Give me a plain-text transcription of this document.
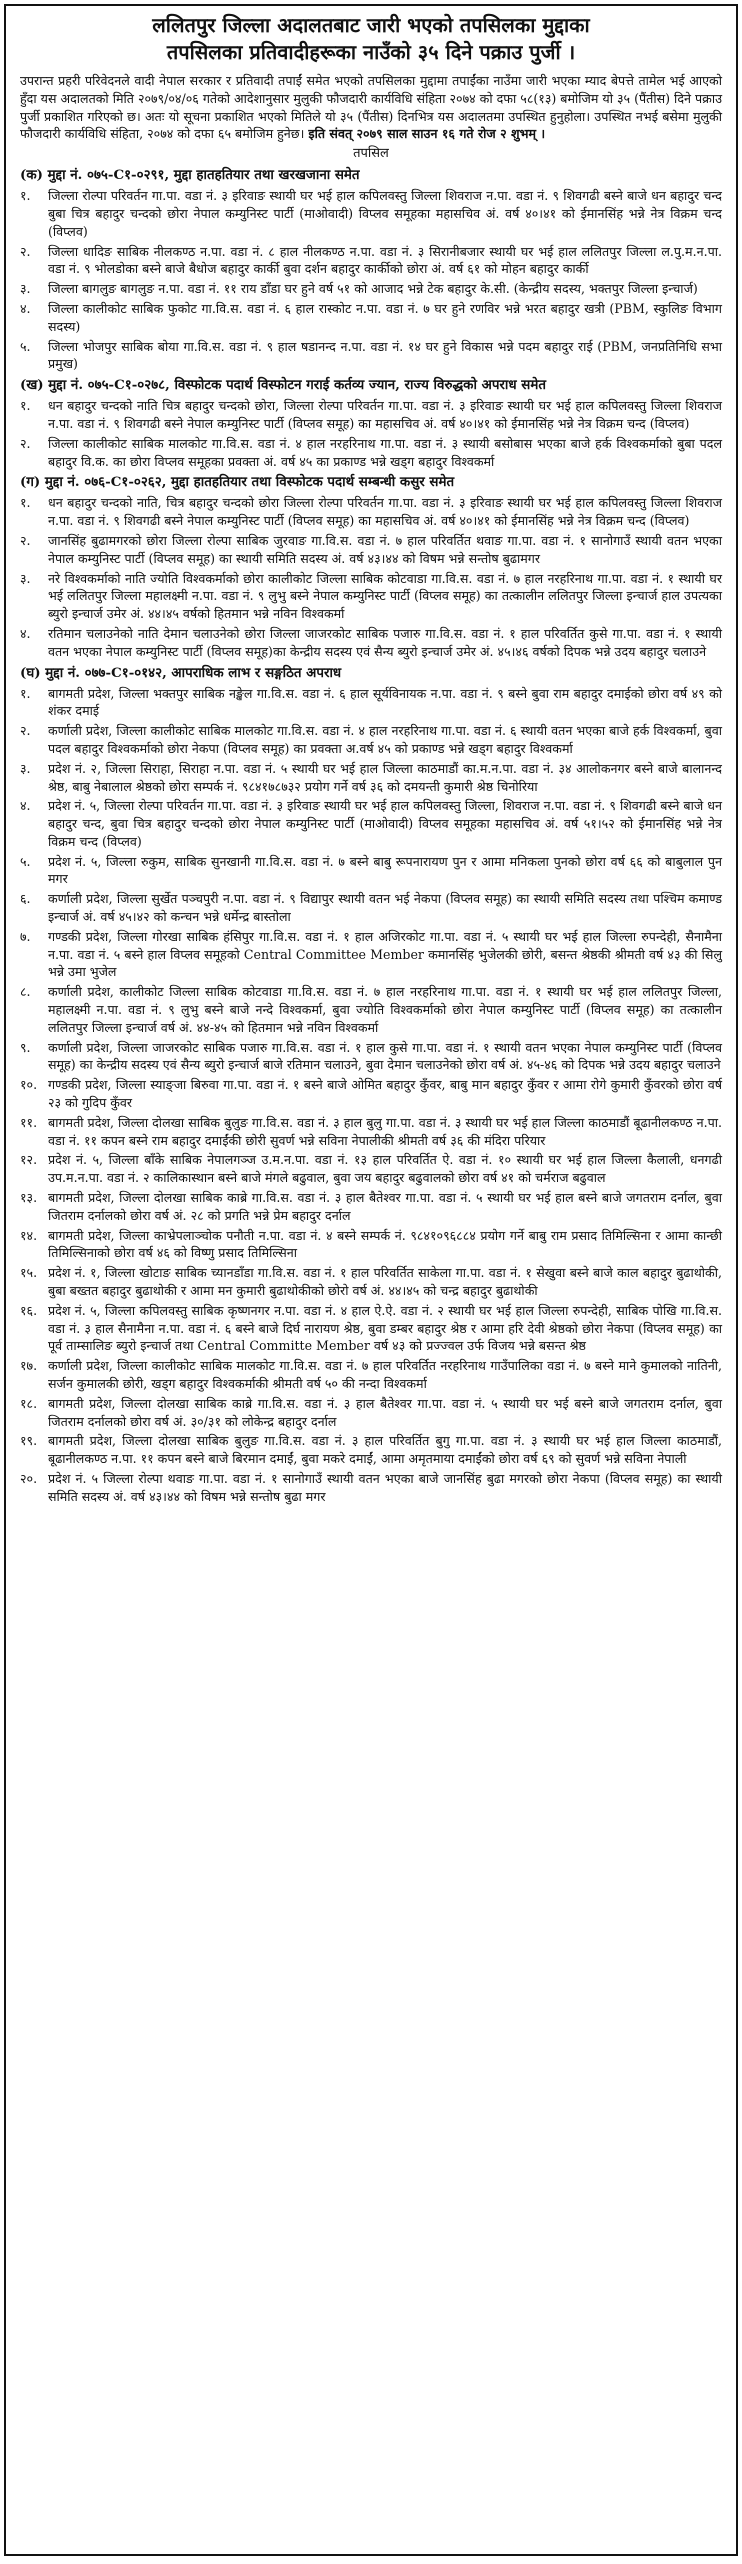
ललितपुर जिल्ला अदालतबाट जारी भएको तपसिलका मुद्दाका
तपसिलका प्रतिवादीहरूका नाउँको ३५ दिने पक्राउ पुर्जी ।

उपरान्त प्रहरी परिवेदनले वादी नेपाल सरकार र प्रतिवादी तपाईं समेत भएको तपसिलका मुद्दामा तपाईंका नाउँमा जारी भएका म्याद बेपत्ते तामेल भई आएको हुँदा यस अदालतको मिति २०७९/०४/०६ गतेको आदेशानुसार मुलुकी फौजदारी कार्यविधि संहिता २०७४ को दफा ५८(१३) बमोजिम यो ३५ (पैंतीस) दिने पक्राउ पुर्जी प्रकाशित गरिएको छ। अतः यो सूचना प्रकाशित भएको मितिले यो ३५ (पैंतीस) दिनभित्र यस अदालतमा उपस्थित हुनुहोला। उपस्थित नभई बसेमा मुलुकी फौजदारी कार्यविधि संहिता, २०७४ को दफा ६५ बमोजिम हुनेछ। इति संवत् २०७९ साल साउन १६ गते रोज २ शुभम् ।

तपसिल
(क) मुद्दा नं. ०७५-C१-०२९१, मुद्दा हातहतियार तथा खरखजाना समेत
१.	जिल्ला रोल्पा परिवर्तन गा.पा. वडा नं. ३ इरिवाङ स्थायी घर भई हाल कपिलवस्तु जिल्ला शिवराज न.पा. वडा नं. ९ शिवगढी बस्ने बाजे धन बहादुर चन्द बुबा चित्र बहादुर चन्दको छोरा नेपाल कम्युनिस्ट पार्टी (माओवादी) विप्लव समूहका महासचिव अं. वर्ष ४०।४१ को ईमानसिंह भन्ने नेत्र विक्रम चन्द (विप्लव)
२.	जिल्ला धादिङ साबिक नीलकण्ठ न.पा. वडा नं. ८ हाल नीलकण्ठ न.पा. वडा नं. ३ सिरानीबजार स्थायी घर भई हाल ललितपुर जिल्ला ल.पु.म.न.पा. वडा नं. ९ भोलडोका बस्ने बाजे बैधोज बहादुर कार्की बुवा दर्शन बहादुर कार्कीको छोरा अं. वर्ष ६१ को मोहन बहादुर कार्की
३.	जिल्ला बागलुङ बागलुङ न.पा. वडा नं. ११ राय डाँडा घर हुने वर्ष ५१ को आजाद भन्ने टेक बहादुर के.सी. (केन्द्रीय सदस्य, भक्तपुर जिल्ला इन्चार्ज)
४.	जिल्ला कालीकोट साबिक फुकोट गा.वि.स. वडा नं. ६ हाल रास्कोट न.पा. वडा नं. ७ घर हुने रणविर भन्ने भरत बहादुर खत्री (PBM, स्कुलिङ विभाग सदस्य)
५.	जिल्ला भोजपुर साबिक बोया गा.वि.स. वडा नं. ९ हाल षडानन्द न.पा. वडा नं. १४ घर हुने विकास भन्ने पदम बहादुर राई (PBM, जनप्रतिनिधि सभा प्रमुख)
(ख) मुद्दा नं. ०७५-C१-०२७८, विस्फोटक पदार्थ विस्फोटन गराई कर्तव्य ज्यान, राज्य विरुद्धको अपराध समेत
१.	धन बहादुर चन्दको नाति चित्र बहादुर चन्दको छोरा, जिल्ला रोल्पा परिवर्तन गा.पा. वडा नं. ३ इरिवाङ स्थायी घर भई हाल कपिलवस्तु जिल्ला शिवराज न.पा. वडा नं. ९ शिवगढी बस्ने नेपाल कम्युनिस्ट पार्टी (विप्लव समूह) का महासचिव अं. वर्ष ४०।४१ को ईमानसिंह भन्ने नेत्र विक्रम चन्द (विप्लव)
२.	जिल्ला कालीकोट साबिक मालकोट गा.वि.स. वडा नं. ४ हाल नरहरिनाथ गा.पा. वडा नं. ३ स्थायी बसोबास भएका बाजे हर्क विश्वकर्माको बुबा पदल बहादुर वि.क. का छोरा विप्लव समूहका प्रवक्ता अं. वर्ष ४५ का प्रकाण्ड भन्ने खड्ग बहादुर विश्वकर्मा
(ग) मुद्दा नं. ०७६-C१-०२६२, मुद्दा हातहतियार तथा विस्फोटक पदार्थ सम्बन्धी कसुर समेत
१.	धन बहादुर चन्दको नाति, चित्र बहादुर चन्दको छोरा जिल्ला रोल्पा परिवर्तन गा.पा. वडा नं. ३ इरिवाङ स्थायी घर भई हाल कपिलवस्तु जिल्ला शिवराज न.पा. वडा नं. ९ शिवगढी बस्ने नेपाल कम्युनिस्ट पार्टी (विप्लव समूह) का महासचिव अं. वर्ष ४०।४१ को ईमानसिंह भन्ने नेत्र विक्रम चन्द (विप्लव)
२.	जानसिंह बुढामगरको छोरा जिल्ला रोल्पा साबिक जुरवाङ गा.वि.स. वडा नं. ७ हाल परिवर्तित थवाङ गा.पा. वडा नं. १ सानोगाउँ स्थायी वतन भएका नेपाल कम्युनिस्ट पार्टी (विप्लव समूह) का स्थायी समिति सदस्य अं. वर्ष ४३।४४ को विषम भन्ने सन्तोष बुढामगर
३.	नरे विश्वकर्माको नाति ज्योति विश्वकर्माको छोरा कालीकोट जिल्ला साबिक कोटवाडा गा.वि.स. वडा नं. ७ हाल नरहरिनाथ गा.पा. वडा नं. १ स्थायी घर भई ललितपुर जिल्ला महालक्ष्मी न.पा. वडा नं. ९ लुभु बस्ने नेपाल कम्युनिस्ट पार्टी (विप्लव समूह) का तत्कालीन ललितपुर जिल्ला इन्चार्ज हाल उपत्यका ब्युरो इन्चार्ज उमेर अं. ४४।४५ वर्षको हितमान भन्ने नविन विश्वकर्मा
४.	रतिमान चलाउनेको नाति देमान चलाउनेको छोरा जिल्ला जाजरकोट साबिक पजारु गा.वि.स. वडा नं. १ हाल परिवर्तित कुसे गा.पा. वडा नं. १ स्थायी वतन भएका नेपाल कम्युनिस्ट पार्टी (विप्लव समूह)का केन्द्रीय सदस्य एवं सैन्य ब्युरो इन्चार्ज उमेर अं. ४५।४६ वर्षको दिपक भन्ने उदय बहादुर चलाउने
(घ) मुद्दा नं. ०७७-C१-०१४२, आपराधिक लाभ र सङ्गठित अपराध
१.	बागमती प्रदेश, जिल्ला भक्तपुर साबिक नङ्खेल गा.वि.स. वडा नं. ६ हाल सूर्यविनायक न.पा. वडा नं. ९ बस्ने बुवा राम बहादुर दमाईको छोरा वर्ष ४९ को शंकर दमाई
२.	कर्णाली प्रदेश, जिल्ला कालीकोट साबिक मालकोट गा.वि.स. वडा नं. ४ हाल नरहरिनाथ गा.पा. वडा नं. ६ स्थायी वतन भएका बाजे हर्क विश्वकर्मा, बुवा पदल बहादुर विश्वकर्माको छोरा नेकपा (विप्लव समूह) का प्रवक्ता अ.वर्ष ४५ को प्रकाण्ड भन्ने खड्ग बहादुर विश्वकर्मा
३.	प्रदेश नं. २, जिल्ला सिराहा, सिराहा न.पा. वडा नं. ५ स्थायी घर भई हाल जिल्ला काठमाडौं का.म.न.पा. वडा नं. ३४ आलोकनगर बस्ने बाजे बालानन्द श्रेष्ठ, बाबु नेबालाल श्रेष्ठको छोरा सम्पर्क नं. ९८४१७८७३२ प्रयोग गर्ने वर्ष ३६ को दमयन्ती कुमारी श्रेष्ठ चिनोरिया
४.	प्रदेश नं. ५, जिल्ला रोल्पा परिवर्तन गा.पा. वडा नं. ३ इरिवाङ स्थायी घर भई हाल कपिलवस्तु जिल्ला, शिवराज न.पा. वडा नं. ९ शिवगढी बस्ने बाजे धन बहादुर चन्द, बुवा चित्र बहादुर चन्दको छोरा नेपाल कम्युनिस्ट पार्टी (माओवादी) विप्लव समूहका महासचिव अं. वर्ष ५१।५२ को ईमानसिंह भन्ने नेत्र विक्रम चन्द (विप्लव)
५.	प्रदेश नं. ५, जिल्ला रुकुम, साबिक सुनखानी गा.वि.स. वडा नं. ७ बस्ने बाबु रूपनारायण पुन र आमा मनिकला पुनको छोरा वर्ष ६६ को बाबुलाल पुन मगर
६.	कर्णाली प्रदेश, जिल्ला सुर्खेत पञ्चपुरी न.पा. वडा नं. ९ विद्यापुर स्थायी वतन भई नेकपा (विप्लव समूह) का स्थायी समिति सदस्य तथा पश्चिम कमाण्ड इन्चार्ज अं. वर्ष ४५।४२ को कन्चन भन्ने धर्मेन्द्र बास्तोला
७.	गण्डकी प्रदेश, जिल्ला गोरखा साबिक हंसिपुर गा.वि.स. वडा नं. १ हाल अजिरकोट गा.पा. वडा नं. ५ स्थायी घर भई हाल जिल्ला रुपन्देही, सैनामैना न.पा. वडा नं. ५ बस्ने हाल विप्लव समूहको Central Committee Member कमानसिंह भुजेलकी छोरी, बसन्त श्रेष्ठकी श्रीमती वर्ष ४३ की सिलु भन्ने उमा भुजेल
८.	कर्णाली प्रदेश, कालीकोट जिल्ला साबिक कोटवाडा गा.वि.स. वडा नं. ७ हाल नरहरिनाथ गा.पा. वडा नं. १ स्थायी घर भई हाल ललितपुर जिल्ला, महालक्ष्मी न.पा. वडा नं. ९ लुभु बस्ने बाजे नन्दे विश्वकर्मा, बुवा ज्योति विश्वकर्माको छोरा नेपाल कम्युनिस्ट पार्टी (विप्लव समूह) का तत्कालीन ललितपुर जिल्ला इन्चार्ज वर्ष अं. ४४-४५ को हितमान भन्ने नविन विश्वकर्मा
९.	कर्णाली प्रदेश, जिल्ला जाजरकोट साबिक पजारु गा.वि.स. वडा नं. १ हाल कुसे गा.पा. वडा नं. १ स्थायी वतन भएका नेपाल कम्युनिस्ट पार्टी (विप्लव समूह) का केन्द्रीय सदस्य एवं सैन्य ब्युरो इन्चार्ज बाजे रतिमान चलाउने, बुवा देमान चलाउनेको छोरा वर्ष अं. ४५-४६ को दिपक भन्ने उदय बहादुर चलाउने
१०. गण्डकी प्रदेश, जिल्ला स्याङ्जा बिरुवा गा.पा. वडा नं. १ बस्ने बाजे ओमित बहादुर कुँवर, बाबु मान बहादुर कुँवर र आमा रोगे कुमारी कुँवरको छोरा वर्ष २३ को गुदिप कुँवर
११. बागमती प्रदेश, जिल्ला दोलखा साबिक बुलुङ गा.वि.स. वडा नं. ३ हाल बुलु गा.पा. वडा नं. ३ स्थायी घर भई हाल जिल्ला काठमाडौं बूढानीलकण्ठ न.पा. वडा नं. ११ कपन बस्ने राम बहादुर दमाईंकी छोरी सुवर्ण भन्ने सविना नेपालीकी श्रीमती वर्ष ३६ की मंदिरा परियार
१२. प्रदेश नं. ५, जिल्ला बाँके साबिक नेपालगञ्ज उ.म.न.पा. वडा नं. १३ हाल परिवर्तित ऐ. वडा नं. १० स्थायी घर भई हाल जिल्ला कैलाली, धनगढी उप.म.न.पा. वडा नं. २ कालिकास्थान बस्ने बाजे मंगले बढुवाल, बुवा जय बहादुर बढुवालको छोरा वर्ष ४१ को चर्मराज बढुवाल
१३. बागमती प्रदेश, जिल्ला दोलखा साबिक काब्रे गा.वि.स. वडा नं. ३ हाल बैतेश्वर गा.पा. वडा नं. ५ स्थायी घर भई हाल बस्ने बाजे जगतराम दर्नाल, बुवा जितराम दर्नालको छोरा वर्ष अं. २८ को प्रगति भन्ने प्रेम बहादुर दर्नाल
१४. बागमती प्रदेश, जिल्ला काभ्रेपलाञ्चोक पनौती न.पा. वडा नं. ४ बस्ने सम्पर्क नं. ९८४१०९६८८४ प्रयोग गर्ने बाबु राम प्रसाद तिमिल्सिना र आमा कान्छी तिमिल्सिनाको छोरा वर्ष ४६ को विष्णु प्रसाद तिमिल्सिना
१५. प्रदेश नं. १, जिल्ला खोटाङ साबिक च्यानडाँडा गा.वि.स. वडा नं. १ हाल परिवर्तित साकेला गा.पा. वडा नं. १ सेखुवा बस्ने बाजे काल बहादुर बुढाथोकी, बुबा बख्तत बहादुर बुढाथोकी र आमा मन कुमारी बुढाथोकीको छोरो वर्ष अं. ४४।४५ को चन्द्र बहादुर बुढाथोकी
१६. प्रदेश नं. ५, जिल्ला कपिलवस्तु साबिक कृष्णनगर न.पा. वडा नं. ४ हाल ऐ.ऐ. वडा नं. २ स्थायी घर भई हाल जिल्ला रुपन्देही, साबिक पोखि गा.वि.स. वडा नं. ३ हाल सैनामैना न.पा. वडा नं. ६ बस्ने बाजे दिर्घ नारायण श्रेष्ठ, बुवा डम्बर बहादुर श्रेष्ठ र आमा हरि देवी श्रेष्ठको छोरा नेकपा (विप्लव समूह) का पूर्व ताम्सालिङ ब्युरो इन्चार्ज तथा Central Committe Member वर्ष ४३ को प्रज्ज्वल उर्फ विजय भन्ने बसन्त श्रेष्ठ
१७. कर्णाली प्रदेश, जिल्ला कालीकोट साबिक मालकोट गा.वि.स. वडा नं. ७ हाल परिवर्तित नरहरिनाथ गाउँपालिका वडा नं. ७ बस्ने माने कुमालको नातिनी, सर्जन कुमालकी छोरी, खड्ग बहादुर विश्वकर्माकी श्रीमती वर्ष ५० की नन्दा विश्वकर्मा
१८. बागमती प्रदेश, जिल्ला दोलखा साबिक काब्रे गा.वि.स. वडा नं. ३ हाल बैतेश्वर गा.पा. वडा नं. ५ स्थायी घर भई बस्ने बाजे जगतराम दर्नाल, बुवा जितराम दर्नालको छोरा वर्ष अं. ३०/३१ को लोकेन्द्र बहादुर दर्नाल
१९. बागमती प्रदेश, जिल्ला दोलखा साबिक बुलुङ गा.वि.स. वडा नं. ३ हाल परिवर्तित बुगु गा.पा. वडा नं. ३ स्थायी घर भई हाल जिल्ला काठमाडौं, बूढानीलकण्ठ न.पा. ११ कपन बस्ने बाजे बिरमान दमाईं, बुवा मकरे दमाईं, आमा अमृतमाया दमाईंको छोरा वर्ष ६९ को सुवर्ण भन्ने सविना नेपाली
२०. प्रदेश नं. ५ जिल्ला रोल्पा थवाङ गा.पा. वडा नं. १ सानोगाउँ स्थायी वतन भएका बाजे जानसिंह बुढा मगरको छोरा नेकपा (विप्लव समूह) का स्थायी समिति सदस्य अं. वर्ष ४३।४४ को विषम भन्ने सन्तोष बुढा मगर
